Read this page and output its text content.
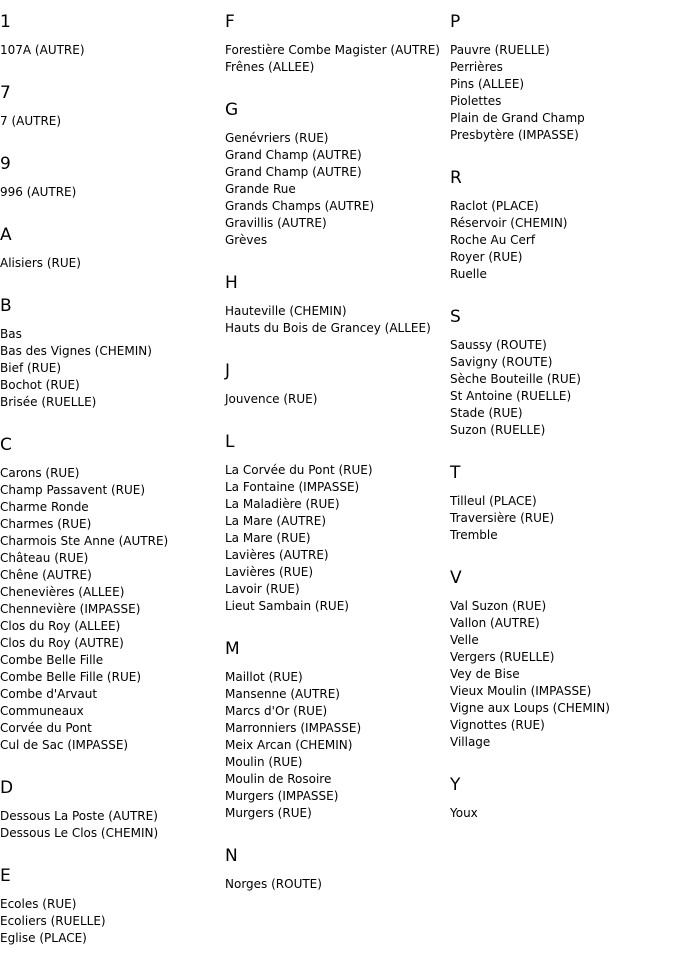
1
107A (AUTRE)
7
7 (AUTRE)
9
996 (AUTRE)
A
Alisiers (RUE)
B
Bas
Bas des Vignes (CHEMIN)
Bief (RUE)
Bochot (RUE)
Brisée (RUELLE)
C
Carons (RUE)
Champ Passavent (RUE)
Charme Ronde
Charmes (RUE)
Charmois Ste Anne (AUTRE)
Château (RUE)
Chêne (AUTRE)
Chenevières (ALLEE)
Chennevière (IMPASSE)
Clos du Roy (ALLEE)
Clos du Roy (AUTRE)
Combe Belle Fille
Combe Belle Fille (RUE)
Combe d'Arvaut
Communeaux
Corvée du Pont
Cul de Sac (IMPASSE)
D
Dessous La Poste (AUTRE)
Dessous Le Clos (CHEMIN)
E
Ecoles (RUE)
Ecoliers (RUELLE)
Eglise (PLACE)
F
Forestière Combe Magister (AUTRE)
Frênes (ALLEE)
G
Genévriers (RUE)
Grand Champ (AUTRE)
Grand Champ (AUTRE)
Grande Rue
Grands Champs (AUTRE)
Gravillis (AUTRE)
Grèves
H
Hauteville (CHEMIN)
Hauts du Bois de Grancey (ALLEE)
J
Jouvence (RUE)
L
La Corvée du Pont (RUE)
La Fontaine (IMPASSE)
La Maladière (RUE)
La Mare (AUTRE)
La Mare (RUE)
Lavières (AUTRE)
Lavières (RUE)
Lavoir (RUE)
Lieut Sambain (RUE)
M
Maillot (RUE)
Mansenne (AUTRE)
Marcs d'Or (RUE)
Marronniers (IMPASSE)
Meix Arcan (CHEMIN)
Moulin (RUE)
Moulin de Rosoire
Murgers (IMPASSE)
Murgers (RUE)
N
Norges (ROUTE)
P
Pauvre (RUELLE)
Perrières
Pins (ALLEE)
Piolettes
Plain de Grand Champ
Presbytère (IMPASSE)
R
Raclot (PLACE)
Réservoir (CHEMIN)
Roche Au Cerf
Royer (RUE)
Ruelle
S
Saussy (ROUTE)
Savigny (ROUTE)
Sèche Bouteille (RUE)
St Antoine (RUELLE)
Stade (RUE)
Suzon (RUELLE)
T
Tilleul (PLACE)
Traversière (RUE)
Tremble
V
Val Suzon (RUE)
Vallon (AUTRE)
Velle
Vergers (RUELLE)
Vey de Bise
Vieux Moulin (IMPASSE)
Vigne aux Loups (CHEMIN)
Vignottes (RUE)
Village
Y
Youx
